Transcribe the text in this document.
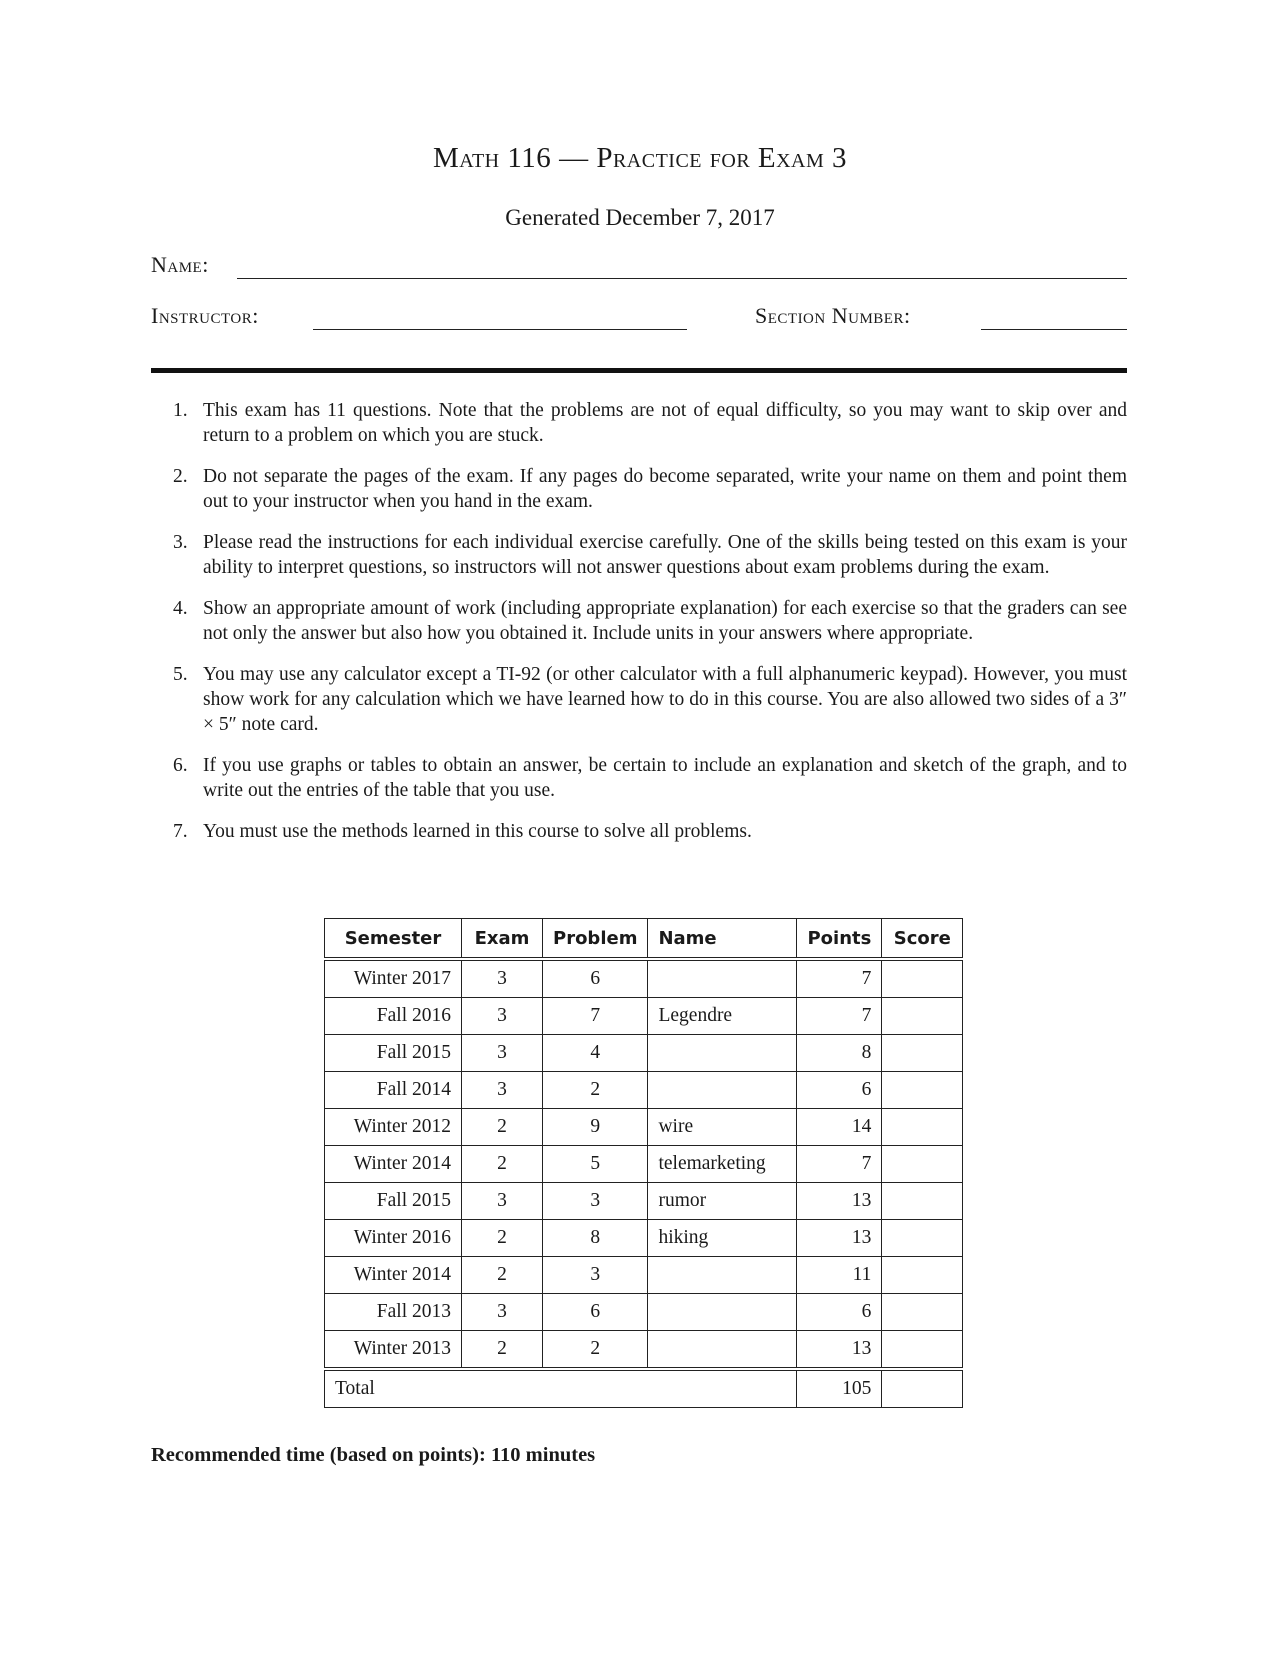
Math 116 — Practice for Exam 3
Generated December 7, 2017
Name:
Instructor:	Section Number:
1. This exam has 11 questions. Note that the problems are not of equal difficulty, so you may want to skip over and return to a problem on which you are stuck.
2. Do not separate the pages of the exam. If any pages do become separated, write your name on them and point them out to your instructor when you hand in the exam.
3. Please read the instructions for each individual exercise carefully. One of the skills being tested on this exam is your ability to interpret questions, so instructors will not answer questions about exam problems during the exam.
4. Show an appropriate amount of work (including appropriate explanation) for each exercise so that the graders can see not only the answer but also how you obtained it. Include units in your answers where appropriate.
5. You may use any calculator except a TI-92 (or other calculator with a full alphanumeric keypad). However, you must show work for any calculation which we have learned how to do in this course. You are also allowed two sides of a 3″ × 5″ note card.
6. If you use graphs or tables to obtain an answer, be certain to include an explanation and sketch of the graph, and to write out the entries of the table that you use.
7. You must use the methods learned in this course to solve all problems.
Semester	Exam	Problem	Name	Points	Score
Winter 2017	3	6		7	
Fall 2016	3	7	Legendre	7	
Fall 2015	3	4		8	
Fall 2014	3	2		6	
Winter 2012	2	9	wire	14	
Winter 2014	2	5	telemarketing	7	
Fall 2015	3	3	rumor	13	
Winter 2016	2	8	hiking	13	
Winter 2014	2	3		11	
Fall 2013	3	6		6	
Winter 2013	2	2		13	
Total				105	
Recommended time (based on points): 110 minutes
